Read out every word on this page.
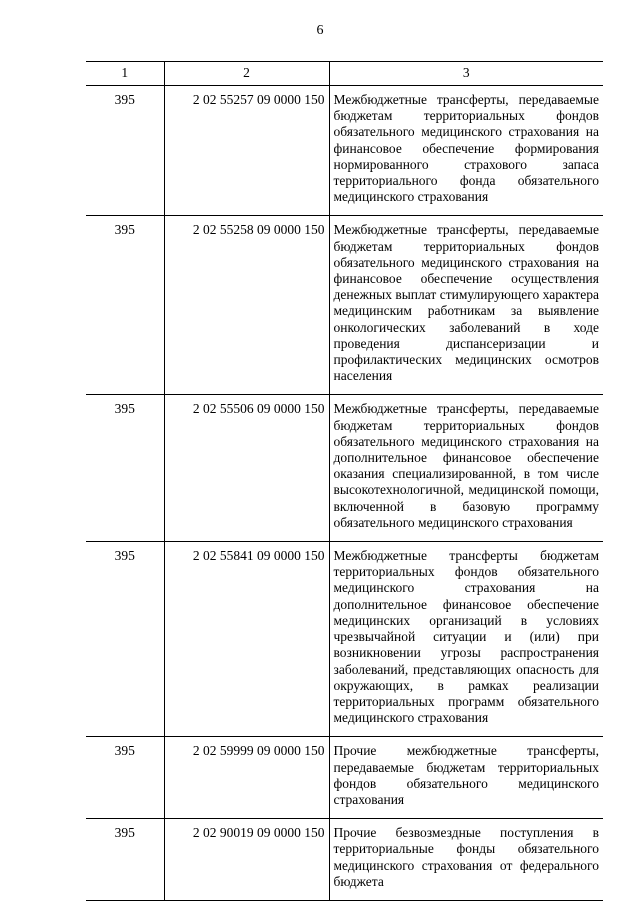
6
1	2	3
395	2 02 55257 09 0000 150	Межбюджетные трансферты, передаваемые бюджетам территориальных фондов обязательного медицинского страхования на финансовое обеспечение формирования нормированного страхового запаса территориального фонда обязательного медицинского страхования
395	2 02 55258 09 0000 150	Межбюджетные трансферты, передаваемые бюджетам территориальных фондов обязательного медицинского страхования на финансовое обеспечение осуществления денежных выплат стимулирующего характера медицинским работникам за выявление онкологических заболеваний в ходе проведения диспансеризации и профилактических медицинских осмотров населения
395	2 02 55506 09 0000 150	Межбюджетные трансферты, передаваемые бюджетам территориальных фондов обязательного медицинского страхования на дополнительное финансовое обеспечение оказания специализированной, в том числе высокотехнологичной, медицинской помощи, включенной в базовую программу обязательного медицинского страхования
395	2 02 55841 09 0000 150	Межбюджетные трансферты бюджетам территориальных фондов обязательного медицинского страхования на дополнительное финансовое обеспечение медицинских организаций в условиях чрезвычайной ситуации и (или) при возникновении угрозы распространения заболеваний, представляющих опасность для окружающих, в рамках реализации территориальных программ обязательного медицинского страхования
395	2 02 59999 09 0000 150	Прочие межбюджетные трансферты, передаваемые бюджетам территориальных фондов обязательного медицинского страхования
395	2 02 90019 09 0000 150	Прочие безвозмездные поступления в территориальные фонды обязательного медицинского страхования от федерального бюджета
